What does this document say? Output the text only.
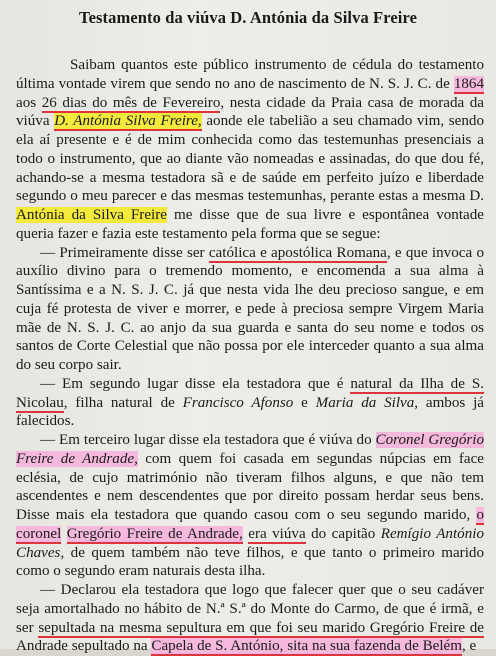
Testamento da viúva D. Antónia da Silva Freire

Saibam quantos este público instrumento de cédula do testamento última vontade virem que sendo no ano de nascimento de N. S. J. C. de 1864 aos 26 dias do mês de Fevereiro, nesta cidade da Praia casa de morada da viúva D. Antónia Silva Freire, aonde ele tabelião a seu chamado vim, sendo ela aí presente e é de mim conhecida como das testemunhas presenciais a todo o instrumento, que ao diante vão nomeadas e assinadas, do que dou fé, achando-se a mesma testadora sã e de saúde em perfeito juízo e liberdade segundo o meu parecer e das mesmas testemunhas, perante estas a mesma D. Antónia da Silva Freire me disse que de sua livre e espontânea vontade queria fazer e fazia este testamento pela forma que se segue:

— Primeiramente disse ser católica e apostólica Romana, e que invoca o auxílio divino para o tremendo momento, e encomenda a sua alma à Santíssima e a N. S. J. C. já que nesta vida lhe deu precioso sangue, e em cuja fé protesta de viver e morrer, e pede à preciosa sempre Virgem Maria mãe de N. S. J. C. ao anjo da sua guarda e santa do seu nome e todos os santos de Corte Celestial que não possa por ele interceder quanto a sua alma do seu corpo sair.

— Em segundo lugar disse ela testadora que é natural da Ilha de S. Nicolau, filha natural de Francisco Afonso e Maria da Silva, ambos já falecidos.

— Em terceiro lugar disse ela testadora que é viúva do Coronel Gregório Freire de Andrade, com quem foi casada em segundas núpcias em face eclésia, de cujo matrimónio não tiveram filhos alguns, e que não tem ascendentes e nem descendentes que por direito possam herdar seus bens. Disse mais ela testadora que quando casou com o seu segundo marido, o coronel Gregório Freire de Andrade, era viúva do capitão Remígio António Chaves, de quem também não teve filhos, e que tanto o primeiro marido como o segundo eram naturais desta ilha.

— Declarou ela testadora que logo que falecer quer que o seu cadáver seja amortalhado no hábito de N.ª S.ª do Monte do Carmo, de que é irmã, e ser sepultada na mesma sepultura em que foi seu marido Gregório Freire de Andrade sepultado na Capela de S. António, sita na sua fazenda de Belém, e
